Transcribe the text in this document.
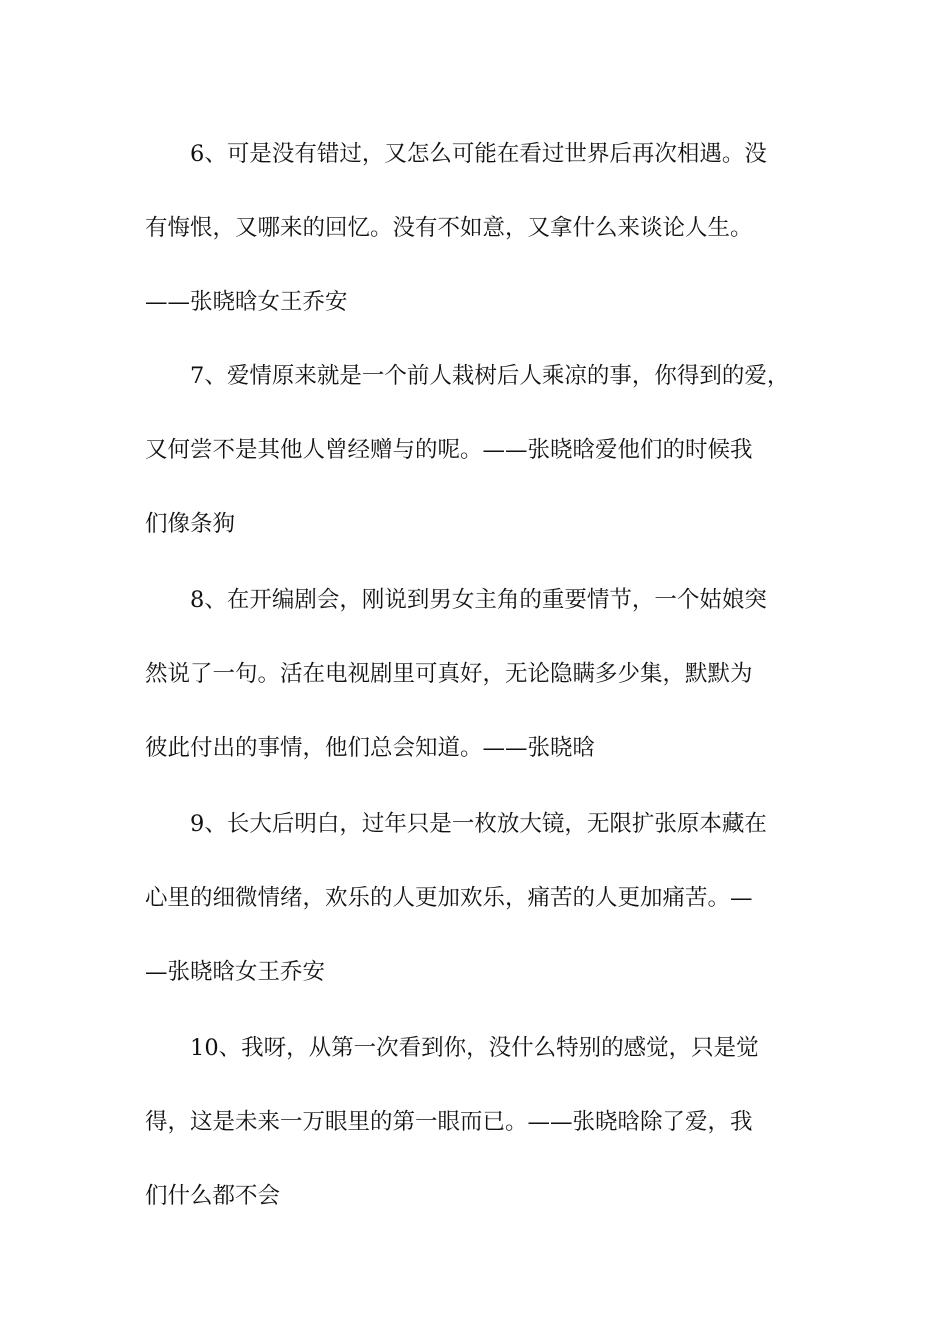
6、可是没有错过，又怎么可能在看过世界后再次相遇。没
有悔恨，又哪来的回忆。没有不如意，又拿什么来谈论人生。
——张晓晗女王乔安
7、爱情原来就是一个前人栽树后人乘凉的事，你得到的爱，
又何尝不是其他人曾经赠与的呢。——张晓晗爱他们的时候我
们像条狗
8、在开编剧会，刚说到男女主角的重要情节，一个姑娘突
然说了一句。活在电视剧里可真好，无论隐瞒多少集，默默为
彼此付出的事情，他们总会知道。——张晓晗
9、长大后明白，过年只是一枚放大镜，无限扩张原本藏在
心里的细微情绪，欢乐的人更加欢乐，痛苦的人更加痛苦。—
—张晓晗女王乔安
10、我呀，从第一次看到你，没什么特别的感觉，只是觉
得，这是未来一万眼里的第一眼而已。——张晓晗除了爱，我
们什么都不会
